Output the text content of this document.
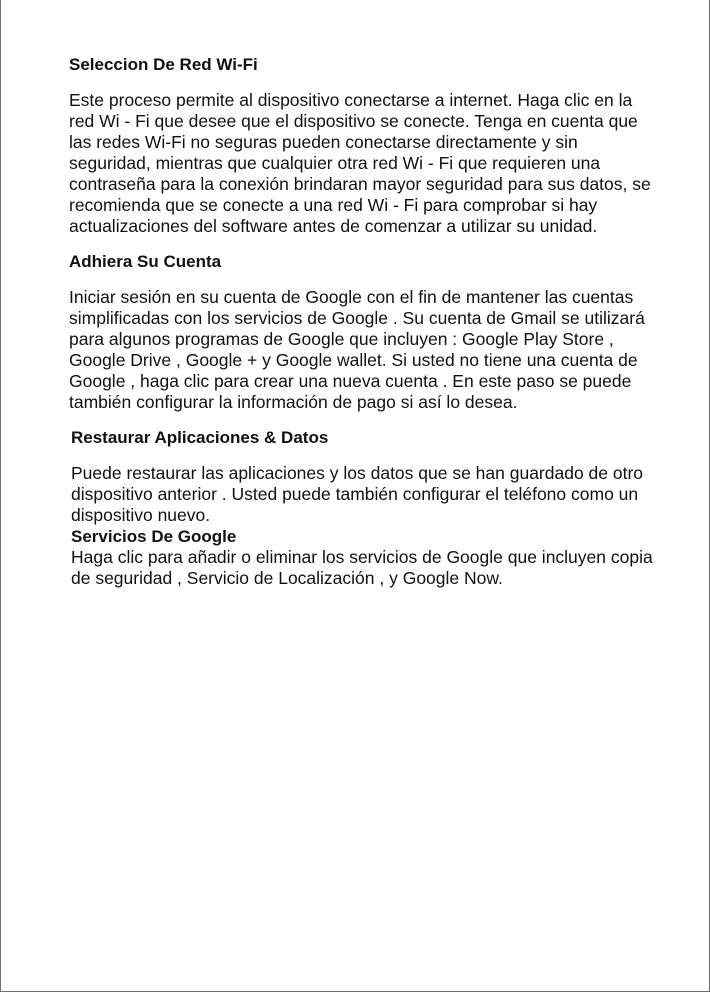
Seleccion De Red Wi-Fi

Este proceso permite al dispositivo conectarse a internet. Haga clic en la red Wi - Fi que desee que el dispositivo se conecte. Tenga en cuenta que las redes Wi-Fi no seguras pueden conectarse directamente y sin seguridad, mientras que cualquier otra red Wi - Fi que requieren una contraseña para la conexión brindaran mayor seguridad para sus datos, se recomienda que se conecte a una red Wi - Fi para comprobar si hay actualizaciones del software antes de comenzar a utilizar su unidad.

Adhiera Su Cuenta

Iniciar sesión en su cuenta de Google con el fin de mantener las cuentas simplificadas con los servicios de Google . Su cuenta de Gmail se utilizará para algunos programas de Google que incluyen : Google Play Store , Google Drive , Google + y Google wallet. Si usted no tiene una cuenta de Google , haga clic para crear una nueva cuenta . En este paso se puede también configurar la información de pago si así lo desea.

Restaurar Aplicaciones & Datos

Puede restaurar las aplicaciones y los datos que se han guardado de otro dispositivo anterior . Usted puede también configurar el teléfono como un dispositivo nuevo.

Servicios De Google

Haga clic para añadir o eliminar los servicios de Google que incluyen copia de seguridad , Servicio de Localización , y Google Now.
